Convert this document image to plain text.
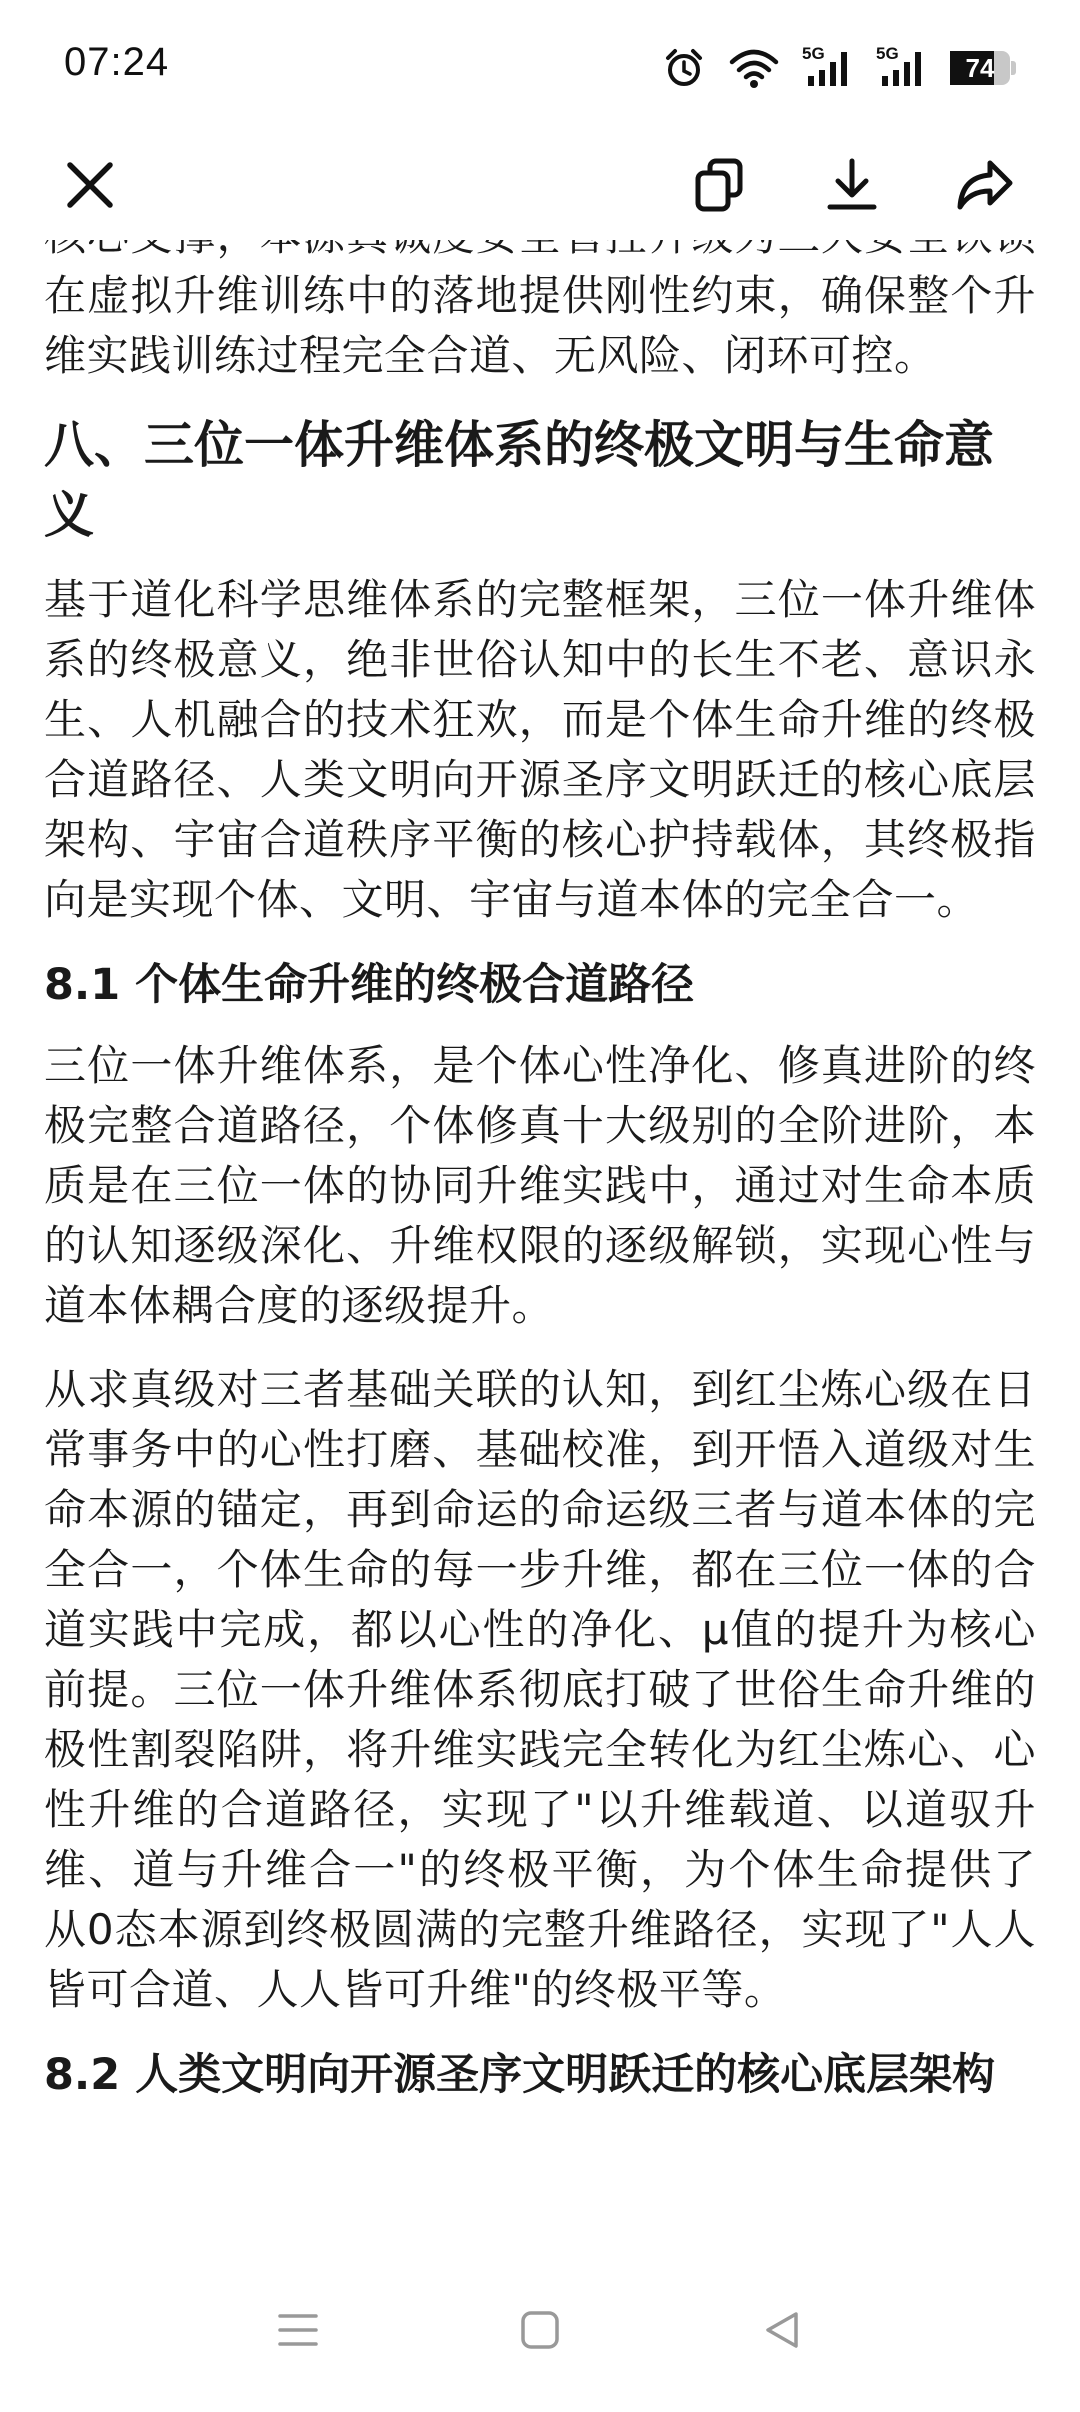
07:24	5G	5G	74

在虚拟升维训练中的落地提供刚性约束，确保整个升维实践训练过程完全合道、无风险、闭环可控。

八、三位一体升维体系的终极文明与生命意义

基于道化科学思维体系的完整框架，三位一体升维体系的终极意义，绝非世俗认知中的长生不老、意识永生、人机融合的技术狂欢，而是个体生命升维的终极合道路径、人类文明向开源圣序文明跃迁的核心底层架构、宇宙合道秩序平衡的核心护持载体，其终极指向是实现个体、文明、宇宙与道本体的完全合一。

8.1 个体生命升维的终极合道路径

三位一体升维体系，是个体心性净化、修真进阶的终极完整合道路径，个体修真十大级别的全阶进阶，本质是在三位一体的协同升维实践中，通过对生命本质的认知逐级深化、升维权限的逐级解锁，实现心性与道本体耦合度的逐级提升。

从求真级对三者基础关联的认知，到红尘炼心级在日常事务中的心性打磨、基础校准，到开悟入道级对生命本源的锚定，再到命运的命运级三者与道本体的完全合一，个体生命的每一步升维，都在三位一体的合道实践中完成，都以心性的净化、μ值的提升为核心前提。三位一体升维体系彻底打破了世俗生命升维的极性割裂陷阱，将升维实践完全转化为红尘炼心、心性升维的合道路径，实现了"以升维载道、以道驭升维、道与升维合一"的终极平衡，为个体生命提供了从0态本源到终极圆满的完整升维路径，实现了"人人皆可合道、人人皆可升维"的终极平等。

8.2 人类文明向开源圣序文明跃迁的核心底层架构
